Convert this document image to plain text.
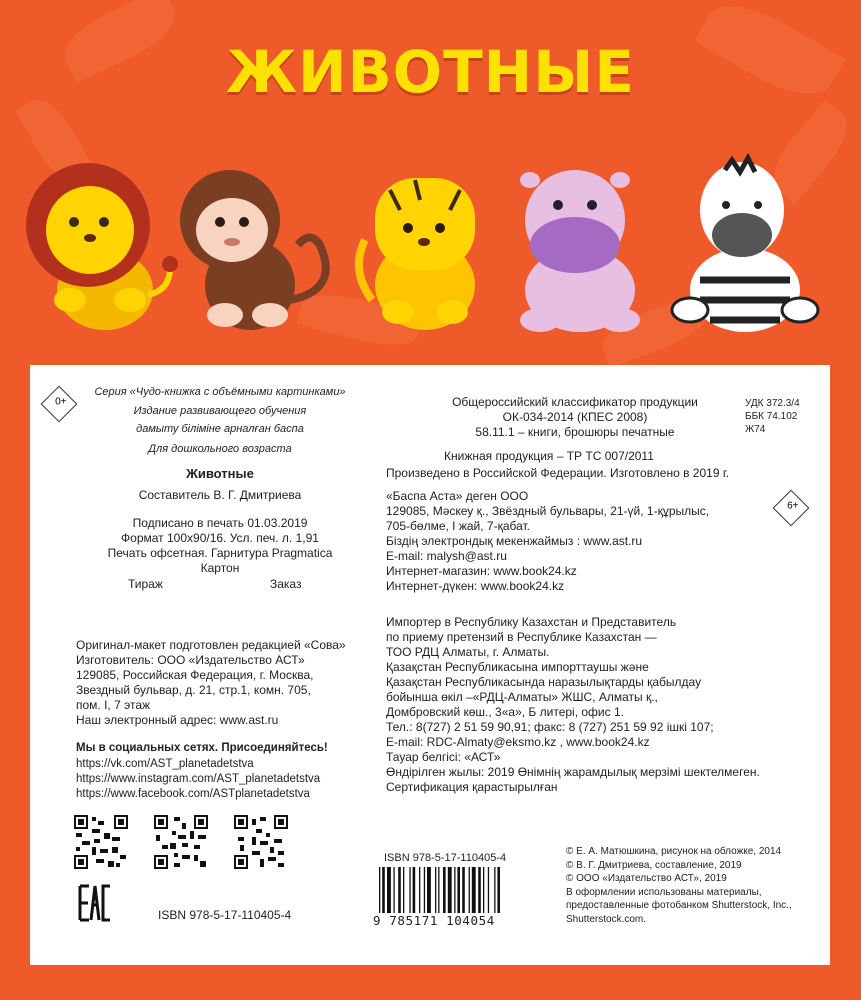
ЖИВОТНЫЕ
0+
Серия «Чудо-книжка с объёмными картинками»
Издание развивающего обучения
дамыту біліміне арналған баспа
Для дошкольного возраста
Животные
Составитель В. Г. Дмитриева
Подписано в печать 01.03.2019
Формат 100х90/16. Усл. печ. л. 1,91
Печать офсетная. Гарнитура Pragmatica
Картон
Тираж	Заказ
Оригинал-макет подготовлен редакцией «Сова»
Изготовитель: ООО «Издательство АСТ»
129085, Российская Федерация, г. Москва,
Звездный бульвар, д. 21, стр.1, комн. 705,
пом. I, 7 этаж
Наш электронный адрес: www.ast.ru
Мы в социальных сетях. Присоединяйтесь!
https://vk.com/AST_planetadetstva
https://www.instagram.com/AST_planetadetstva
https://www.facebook.com/ASTplanetadetstva
ISBN 978-5-17-110405-4
Общероссийский классификатор продукции
ОК-034-2014 (КПЕС 2008)
58.11.1 – книги, брошюры печатные
УДК 372.3/4
ББК 74.102
Ж74
Книжная продукция – ТР ТС 007/2011
Произведено в Российской Федерации. Изготовлено в 2019 г.
6+
«Баспа Аста» деген ООО
129085, Мәскеу қ., Звёздный бульвары, 21-үй, 1-құрылыс,
705-бөлме, I жай, 7-қабат.
Біздің электрондық мекенжаймыз : www.ast.ru
E-mail: malysh@ast.ru
Интернет-магазин: www.book24.kz
Интернет-дүкен: www.book24.kz
Импортер в Республику Казахстан и Представитель
по приему претензий в Республике Казахстан —
ТОО РДЦ Алматы, г. Алматы.
Қазақстан Республикасына импорттаушы және
Қазақстан Республикасында наразылықтарды қабылдау
бойынша өкіл –«РДЦ-Алматы» ЖШС, Алматы қ.,
Домбровский көш., 3«а», Б литері, офис 1.
Тел.: 8(727) 2 51 59 90,91; факс: 8 (727) 251 59 92 ішкі 107;
E-mail: RDC-Almaty@eksmo.kz , www.book24.kz
Тауар белгісі: «АСТ»
Өндірілген жылы: 2019 Өнімнің жарамдылық мерзімі шектелмеген.
Сертификация қарастырылған
ISBN 978-5-17-110405-4
9 785171 104054
© Е. А. Матюшкина, рисунок на обложке, 2014
© В. Г. Дмитриева, составление, 2019
© ООО «Издательство АСТ», 2019
В оформлении использованы материалы,
предоставленные фотобанком Shutterstock, Inc.,
Shutterstock.com.
